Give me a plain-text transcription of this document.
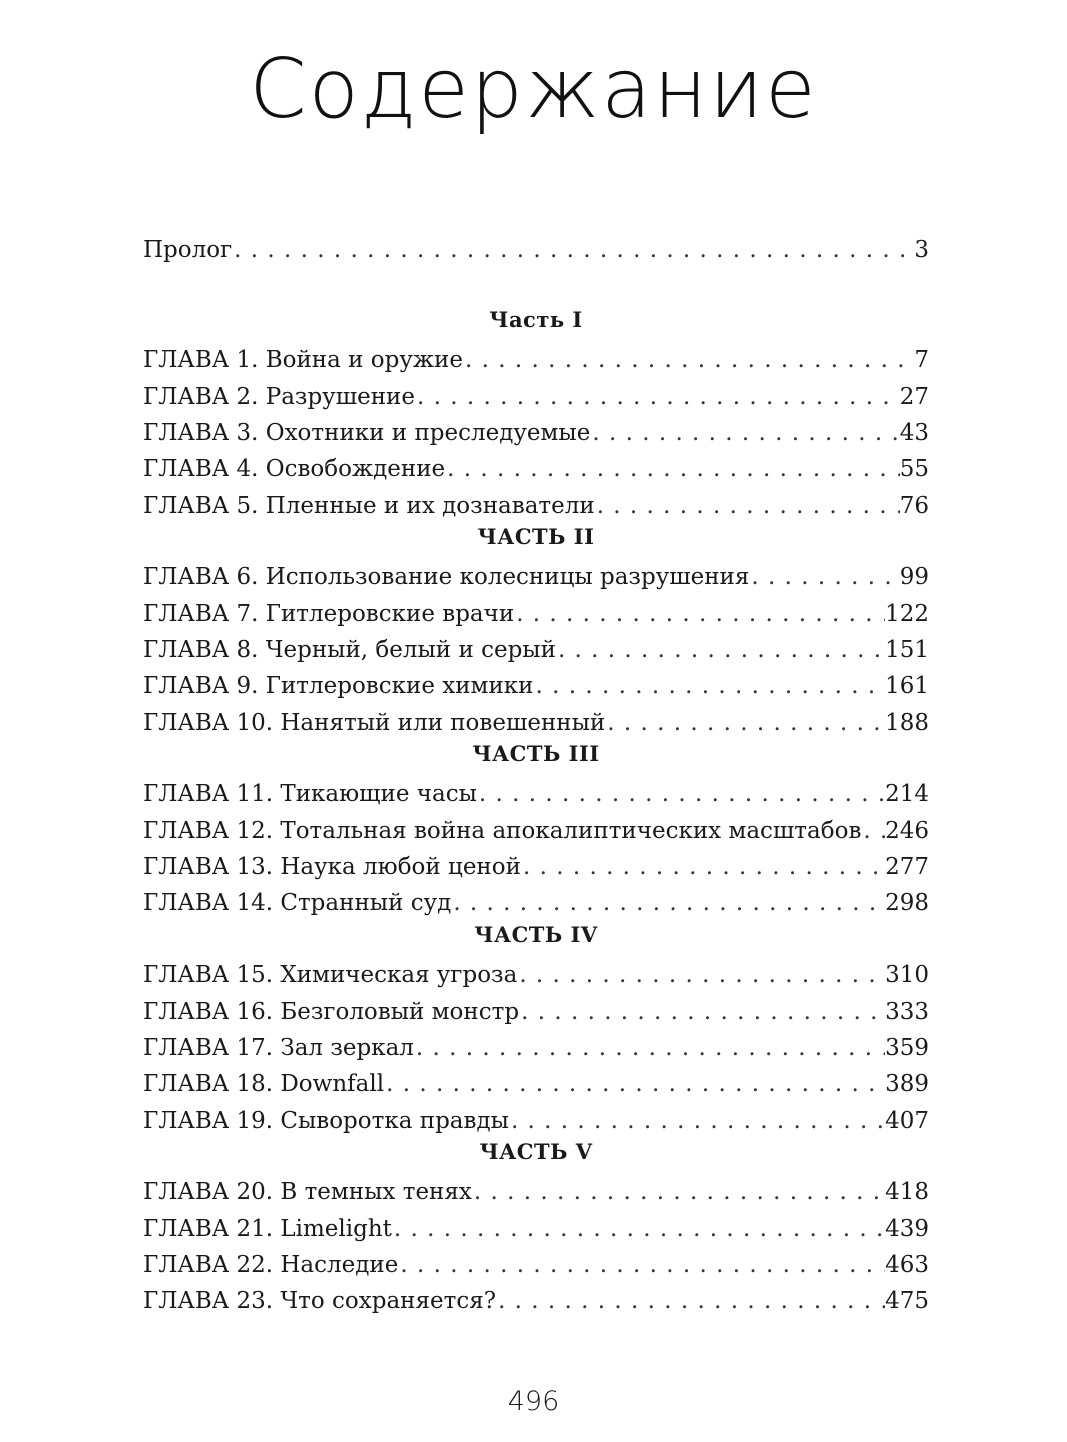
Содержание
Пролог . . .	3
Часть I
ГЛАВА 1. Война и оружие . . .	7
ГЛАВА 2. Разрушение . . .	27
ГЛАВА 3. Охотники и преследуемые . . .	43
ГЛАВА 4. Освобождение . . .	55
ГЛАВА 5. Пленные и их дознаватели . . .	76
ЧАСТЬ II
ГЛАВА 6. Использование колесницы разрушения . . .	99
ГЛАВА 7. Гитлеровские врачи . . .	122
ГЛАВА 8. Черный, белый и серый . . .	151
ГЛАВА 9. Гитлеровские химики . . .	161
ГЛАВА 10. Нанятый или повешенный . . .	188
ЧАСТЬ III
ГЛАВА 11. Тикающие часы . . .	214
ГЛАВА 12. Тотальная война апокалиптических масштабов . . . 246
ГЛАВА 13. Наука любой ценой . . .	277
ГЛАВА 14. Странный суд . . .	298
ЧАСТЬ IV
ГЛАВА 15. Химическая угроза . . .	310
ГЛАВА 16. Безголовый монстр . . .	333
ГЛАВА 17. Зал зеркал . . .	359
ГЛАВА 18. Downfall . . .	389
ГЛАВА 19. Сыворотка правды . . .	407
ЧАСТЬ V
ГЛАВА 20. В темных тенях . . .	418
ГЛАВА 21. Limelight . . .	439
ГЛАВА 22. Наследие . . .	463
ГЛАВА 23. Что сохраняется? . . .	475
496
